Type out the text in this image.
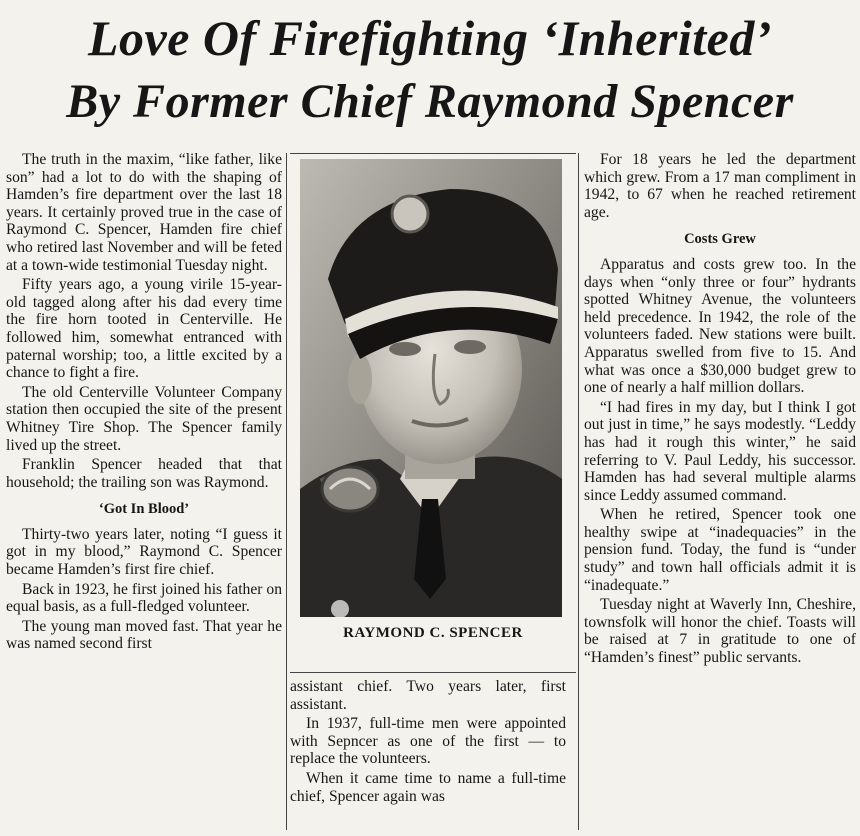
Love Of Firefighting ‘Inherited’
By Former Chief Raymond Spencer

The truth in the maxim, “like father, like son” had a lot to do with the shaping of Hamden’s fire department over the last 18 years. It certainly proved true in the case of Raymond C. Spencer, Hamden fire chief who retired last November and will be feted at a town-wide testimonial Tuesday night.

Fifty years ago, a young virile 15-year-old tagged along after his dad every time the fire horn tooted in Centerville. He followed him, somewhat entranced with paternal worship; too, a little excited by a chance to fight a fire.

The old Centerville Volunteer Company station then occupied the site of the present Whitney Tire Shop. The Spencer family lived up the street.

Franklin Spencer headed that that household; the trailing son was Raymond.

‘Got In Blood’

Thirty-two years later, noting “I guess it got in my blood,” Raymond C. Spencer became Hamden’s first fire chief.

Back in 1923, he first joined his father on equal basis, as a full-fledged volunteer.

The young man moved fast. That year he was named second first

RAYMOND C. SPENCER

assistant chief. Two years later, first assistant.

In 1937, full-time men were appointed with Sepncer as one of the first — to replace the volunteers.

When it came time to name a full-time chief, Spencer again was

For 18 years he led the department which grew. From a 17 man compliment in 1942, to 67 when he reached retirement age.

Costs Grew

Apparatus and costs grew too. In the days when “only three or four” hydrants spotted Whitney Avenue, the volunteers held precedence. In 1942, the role of the volunteers faded. New stations were built. Apparatus swelled from five to 15. And what was once a $30,000 budget grew to one of nearly a half million dollars.

“I had fires in my day, but I think I got out just in time,” he says modestly. “Leddy has had it rough this winter,” he said referring to V. Paul Leddy, his successor. Hamden has had several multiple alarms since Leddy assumed command.

When he retired, Spencer took one healthy swipe at “inadequacies” in the pension fund. Today, the fund is “under study” and town hall officials admit it is “inadequate.”

Tuesday night at Waverly Inn, Cheshire, townsfolk will honor the chief. Toasts will be raised at 7 in gratitude to one of “Hamden’s finest” public servants.
